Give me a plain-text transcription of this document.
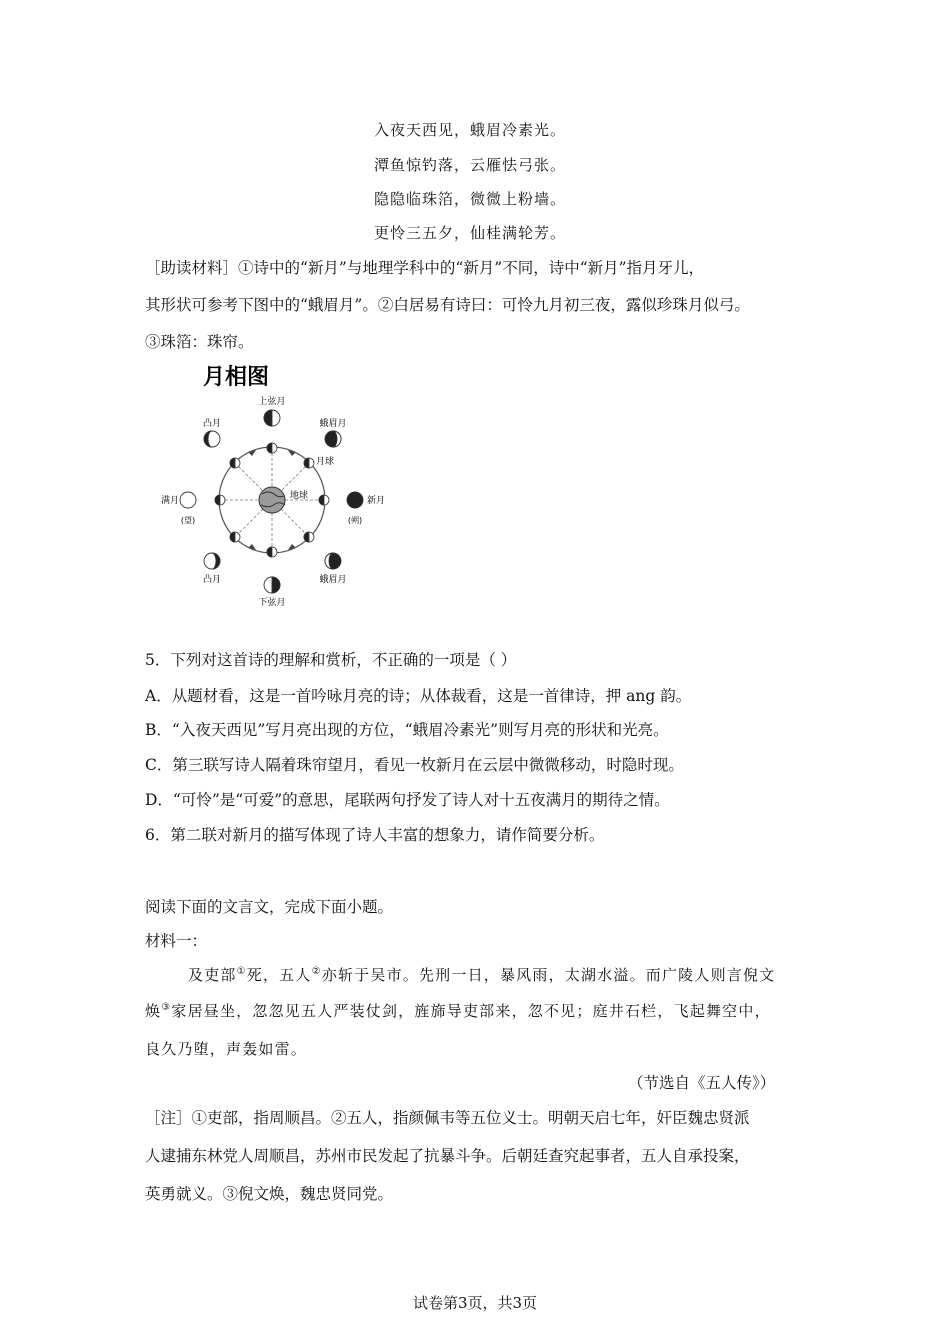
入夜天西见，蛾眉冷素光。
潭鱼惊钓落，云雁怯弓张。
隐隐临珠箔，微微上粉墙。
更怜三五夕，仙桂满轮芳。
［助读材料］①诗中的“新月”与地理学科中的“新月”不同，诗中“新月”指月牙儿，
其形状可参考下图中的“蛾眉月”。②白居易有诗曰：可怜九月初三夜，露似珍珠月似弓。
③珠箔：珠帘。
月相图
地球
月球
上弦月
下弦月
满月
(望)
新月
(朔)
凸月
凸月
蛾眉月
蛾眉月
5．下列对这首诗的理解和赏析，不正确的一项是（ ）
A．从题材看，这是一首吟咏月亮的诗；从体裁看，这是一首律诗，押 ang 韵。
B．“入夜天西见”写月亮出现的方位，“蛾眉冷素光”则写月亮的形状和光亮。
C．第三联写诗人隔着珠帘望月，看见一枚新月在云层中微微移动，时隐时现。
D．“可怜”是“可爱”的意思，尾联两句抒发了诗人对十五夜满月的期待之情。
6．第二联对新月的描写体现了诗人丰富的想象力，请作简要分析。
阅读下面的文言文，完成下面小题。
材料一：
及吏部①死，五人②亦斩于吴市。先刑一日，暴风雨，太湖水溢。而广陵人则言倪文
焕③家居昼坐，忽忽见五人严装仗剑，旌旆导吏部来，忽不见；庭井石栏，飞起舞空中，
良久乃堕，声轰如雷。
（节选自《五人传》）
［注］①吏部，指周顺昌。②五人，指颜佩韦等五位义士。明朝天启七年，奸臣魏忠贤派
人逮捕东林党人周顺昌，苏州市民发起了抗暴斗争。后朝廷查究起事者，五人自承投案，
英勇就义。③倪文焕，魏忠贤同党。
试卷第3页，共3页
